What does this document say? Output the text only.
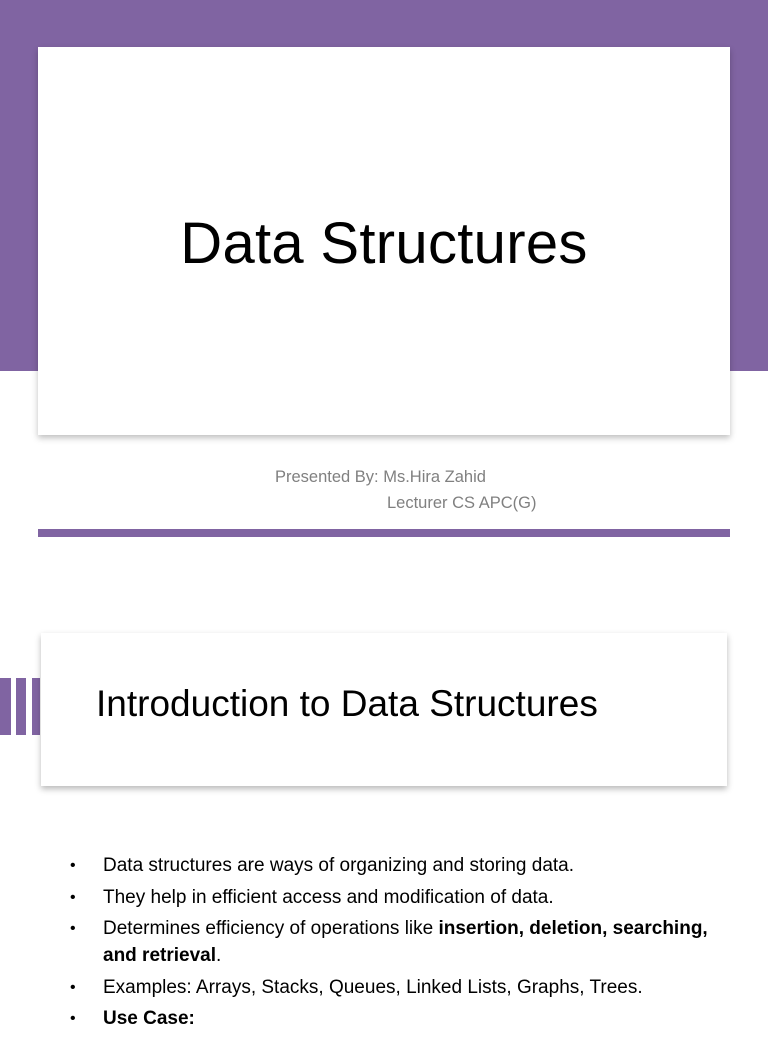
Data Structures
Presented By: Ms.Hira Zahid
Lecturer CS APC(G)
Introduction to Data Structures
• Data structures are ways of organizing and storing data.
• They help in efficient access and modification of data.
• Determines efficiency of operations like insertion, deletion, searching, and retrieval.
• Examples: Arrays, Stacks, Queues, Linked Lists, Graphs, Trees.
• Use Case:
